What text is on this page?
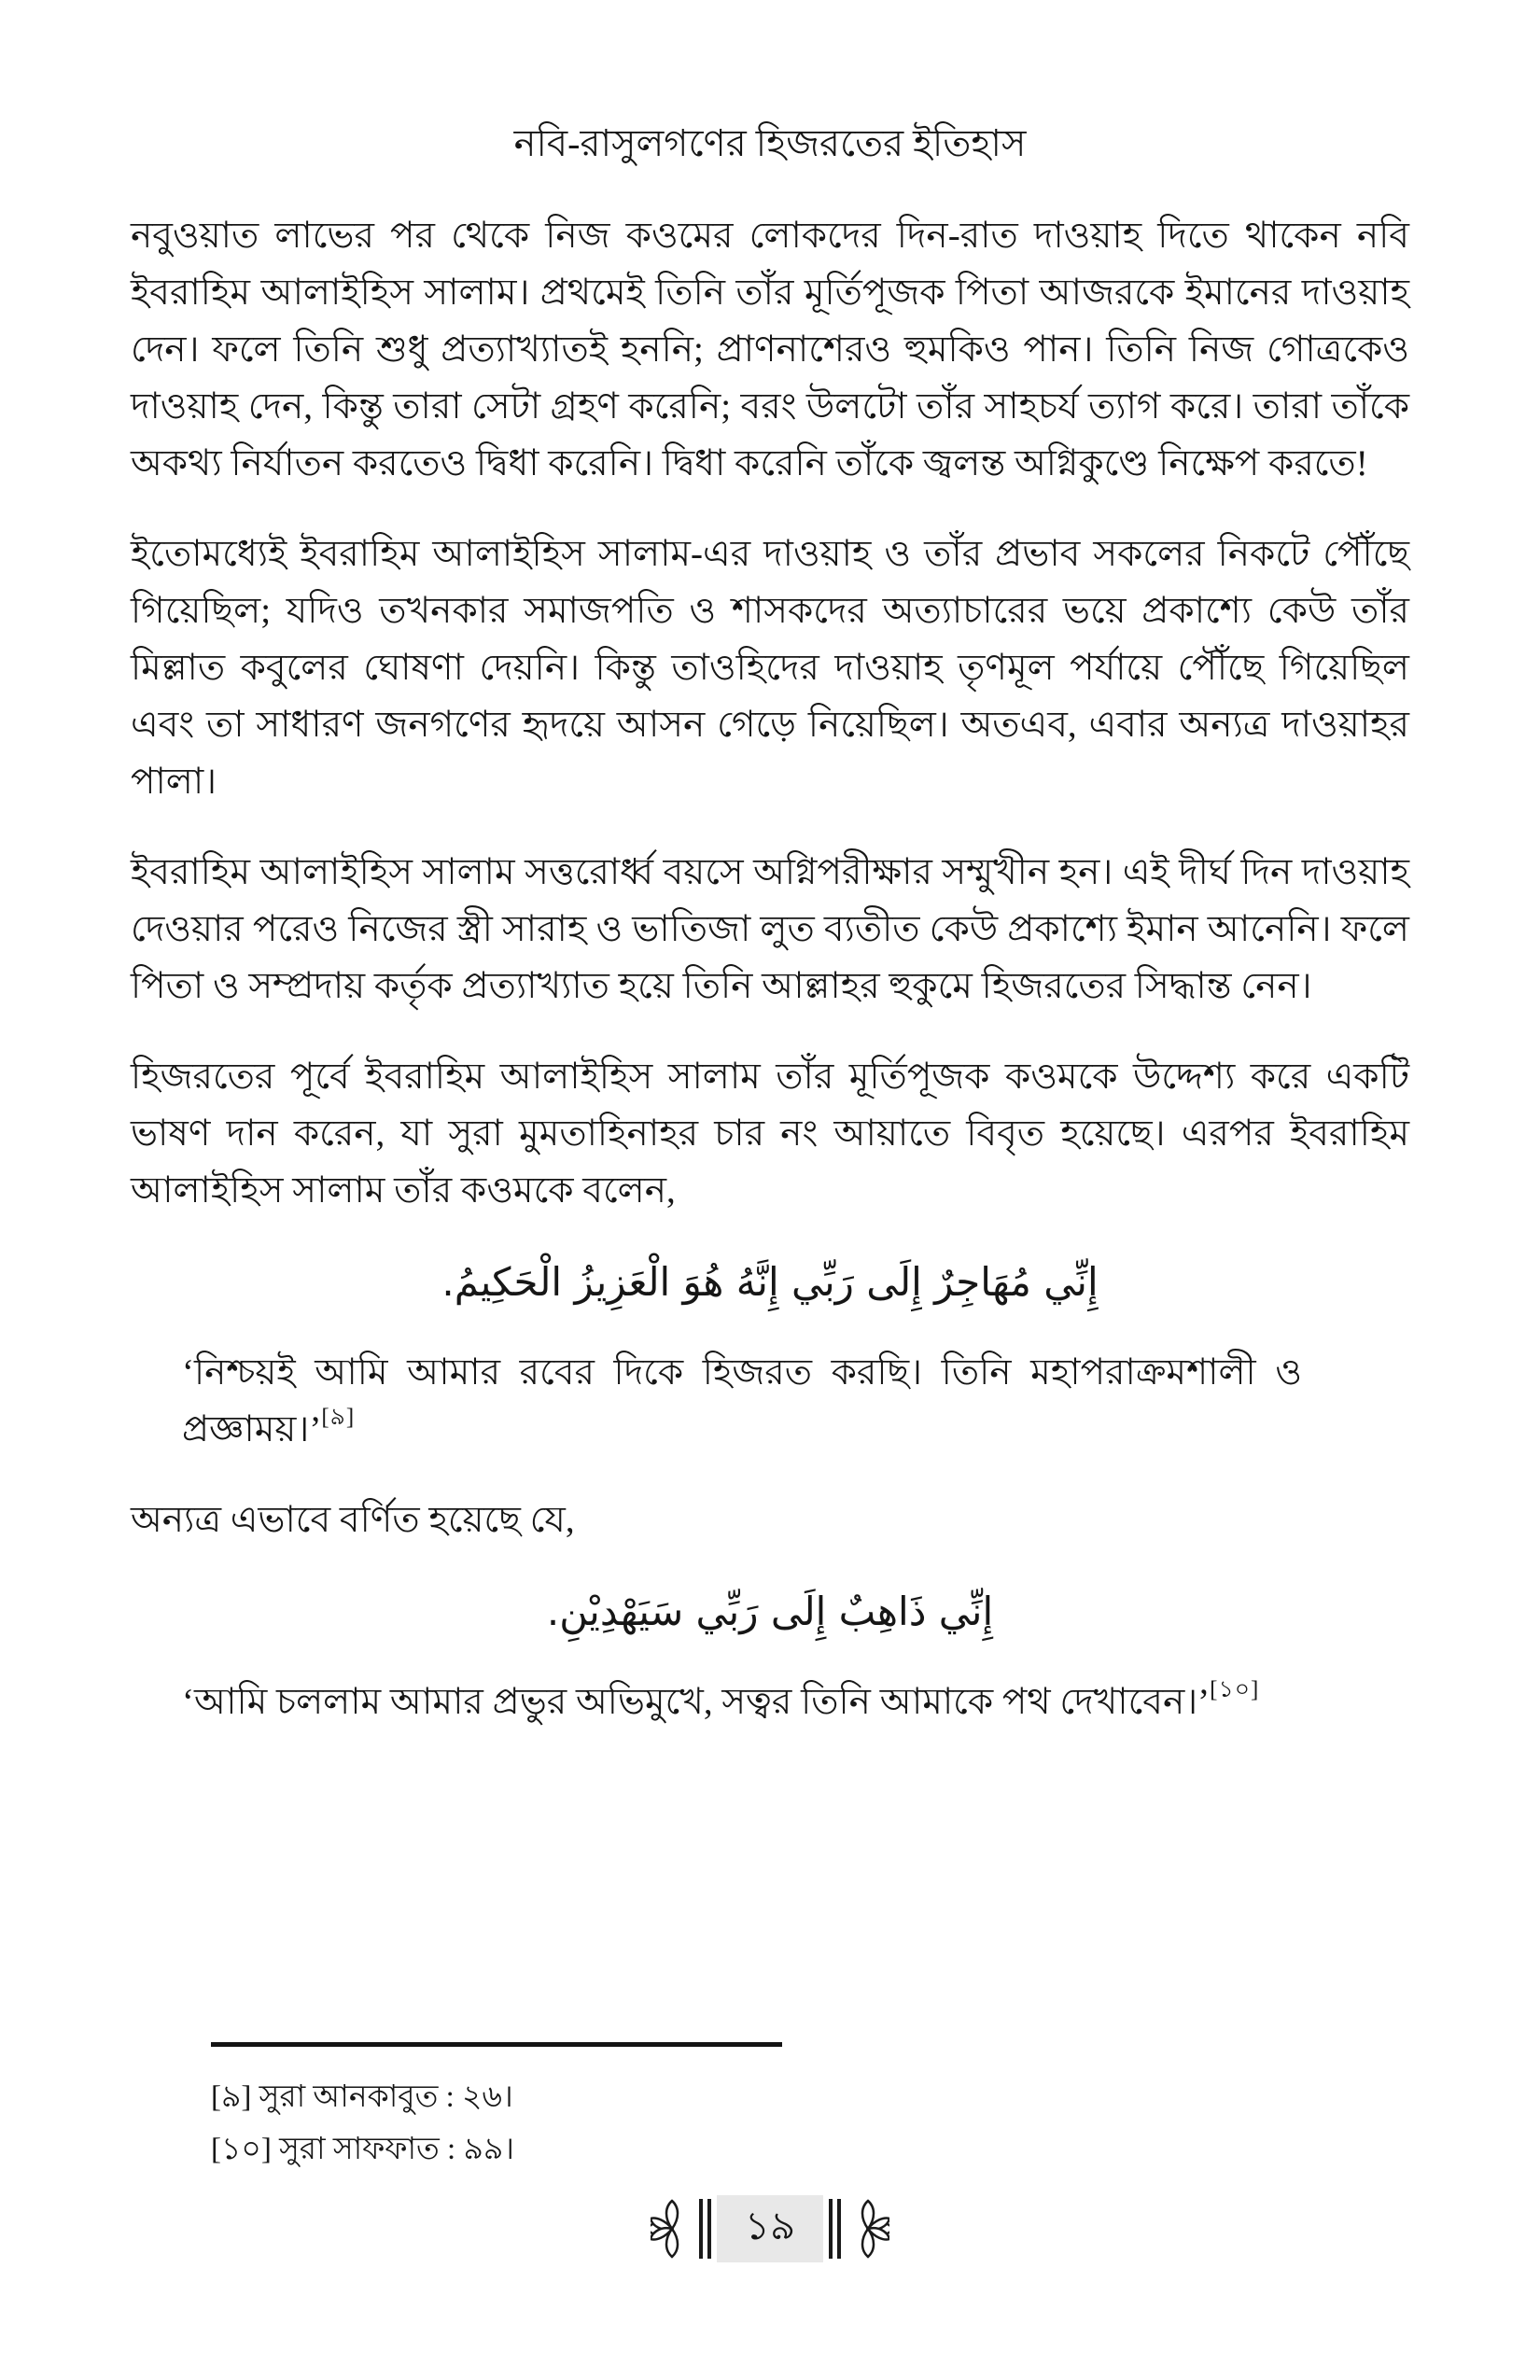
নবি-রাসুলগণের হিজরতের ইতিহাস

নবুওয়াত লাভের পর থেকে নিজ কওমের লোকদের দিন-রাত দাওয়াহ দিতে থাকেন নবি ইবরাহিম আলাইহিস সালাম। প্রথমেই তিনি তাঁর মূর্তিপূজক পিতা আজরকে ইমানের দাওয়াহ দেন। ফলে তিনি শুধু প্রত্যাখ্যাতই হননি; প্রাণনাশেরও হুমকিও পান। তিনি নিজ গোত্রকেও দাওয়াহ দেন, কিন্তু তারা সেটা গ্রহণ করেনি; বরং উলটো তাঁর সাহচর্য ত্যাগ করে। তারা তাঁকে অকথ্য নির্যাতন করতেও দ্বিধা করেনি। দ্বিধা করেনি তাঁকে জ্বলন্ত অগ্নিকুণ্ডে নিক্ষেপ করতে!

ইতোমধ্যেই ইবরাহিম আলাইহিস সালাম-এর দাওয়াহ ও তাঁর প্রভাব সকলের নিকটে পৌঁছে গিয়েছিল; যদিও তখনকার সমাজপতি ও শাসকদের অত্যাচারের ভয়ে প্রকাশ্যে কেউ তাঁর মিল্লাত কবুলের ঘোষণা দেয়নি। কিন্তু তাওহিদের দাওয়াহ তৃণমূল পর্যায়ে পৌঁছে গিয়েছিল এবং তা সাধারণ জনগণের হৃদয়ে আসন গেড়ে নিয়েছিল। অতএব, এবার অন্যত্র দাওয়াহর পালা।

ইবরাহিম আলাইহিস সালাম সত্তরোর্ধ্ব বয়সে অগ্নিপরীক্ষার সম্মুখীন হন। এই দীর্ঘ দিন দাওয়াহ দেওয়ার পরেও নিজের স্ত্রী সারাহ ও ভাতিজা লুত ব্যতীত কেউ প্রকাশ্যে ইমান আনেনি। ফলে পিতা ও সম্প্রদায় কর্তৃক প্রত্যাখ্যাত হয়ে তিনি আল্লাহর হুকুমে হিজরতের সিদ্ধান্ত নেন।

হিজরতের পূর্বে ইবরাহিম আলাইহিস সালাম তাঁর মূর্তিপূজক কওমকে উদ্দেশ্য করে একটি ভাষণ দান করেন, যা সুরা মুমতাহিনাহর চার নং আয়াতে বিবৃত হয়েছে। এরপর ইবরাহিম আলাইহিস সালাম তাঁর কওমকে বলেন,

إِنِّي مُهَاجِرٌ إِلَى رَبِّي إِنَّهُ هُوَ الْعَزِيزُ الْحَكِيمُ.

‘নিশ্চয়ই আমি আমার রবের দিকে হিজরত করছি। তিনি মহাপরাক্রমশালী ও প্রজ্ঞাময়।’[৯]

অন্যত্র এভাবে বর্ণিত হয়েছে যে,

إِنِّي ذَاهِبٌ إِلَى رَبِّي سَيَهْدِيْنِ.

‘আমি চললাম আমার প্রভুর অভিমুখে, সত্বর তিনি আমাকে পথ দেখাবেন।’[১০]

[৯] সুরা আনকাবুত : ২৬।

[১০] সুরা সাফফাত : ৯৯।

১৯
